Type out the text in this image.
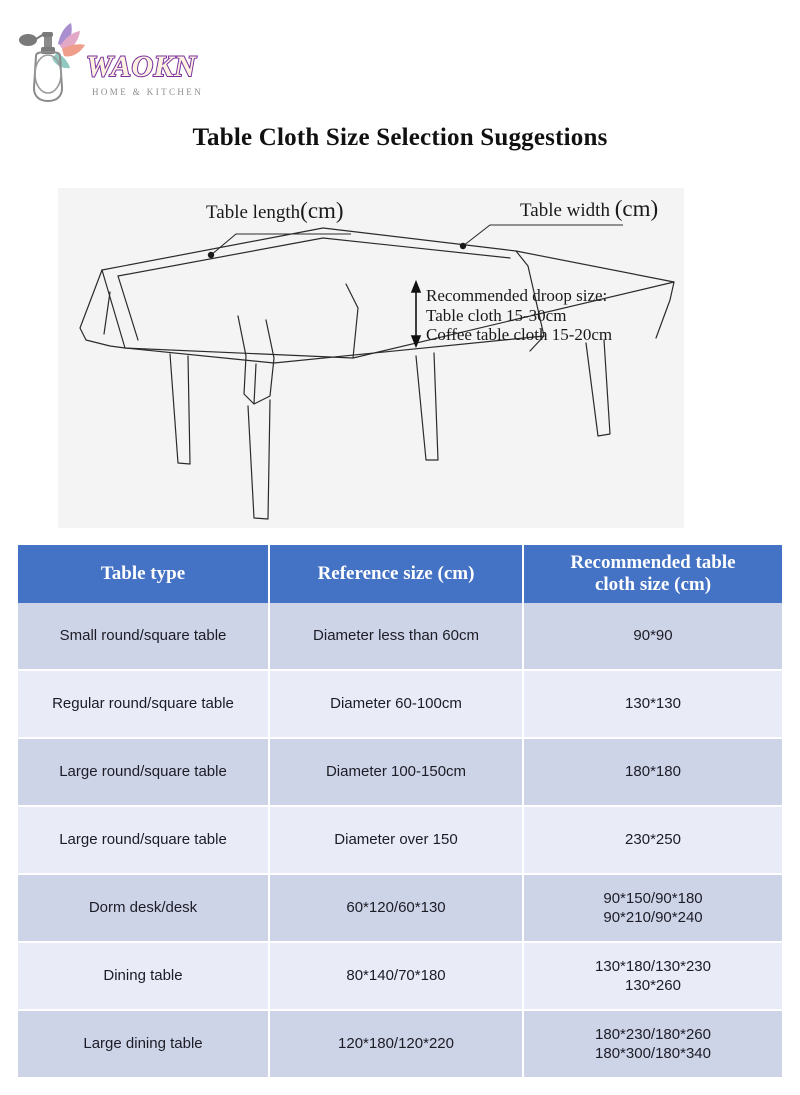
WAOKN
HOME & KITCHEN
Table Cloth Size Selection Suggestions
Table length(cm)	Table width (cm)
Recommended droop size:
Table cloth 15-30cm
Coffee table cloth 15-20cm
Table type	Reference size (cm)	Recommended table
cloth size (cm)

Small round/square table	Diameter less than 60cm	90*90

Regular round/square table	Diameter 60-100cm	130*130

Large round/square table	Diameter 100-150cm	180*180

Large round/square table	Diameter over 150	230*250

Dorm desk/desk	60*120/60*130	90*150/90*180
90*210/90*240

Dining table	80*140/70*180	130*180/130*230
130*260

Large dining table	120*180/120*220	180*230/180*260
180*300/180*340
